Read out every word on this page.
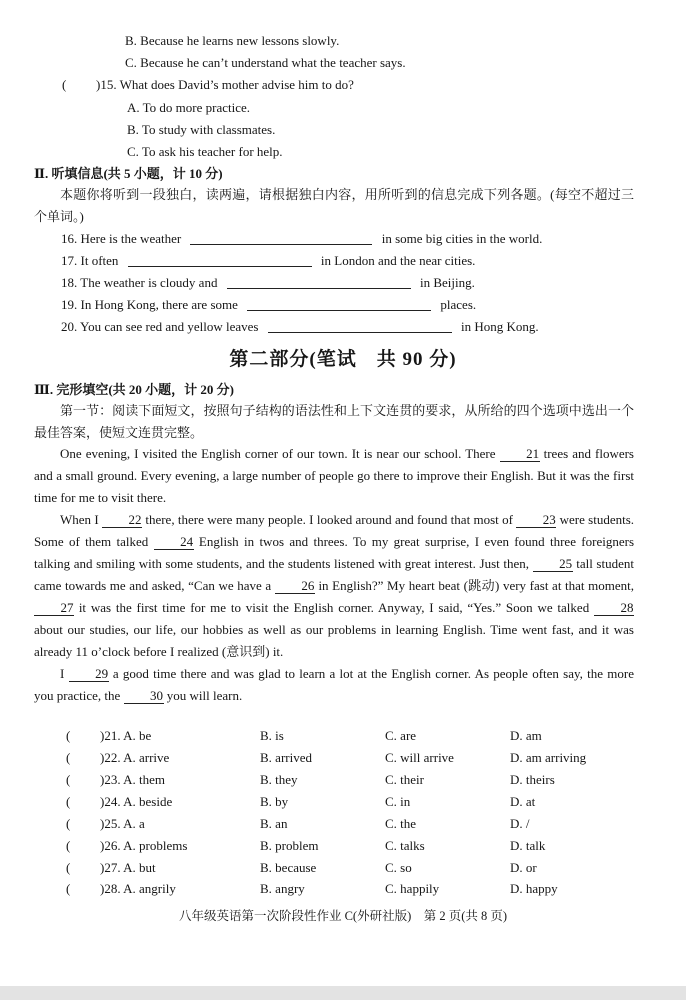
B. Because he learns new lessons slowly.
C. Because he can’t understand what the teacher says.
( )15. What does David’s mother advise him to do?
A. To do more practice.
B. To study with classmates.
C. To ask his teacher for help.
Ⅱ. 听填信息(共 5 小题，计 10 分)
本题你将听到一段独白，读两遍，请根据独白内容，用所听到的信息完成下列各题。(每空不超过三个单词。)
16. Here is the weather	in some big cities in the world.
17. It often	in London and the near cities.
18. The weather is cloudy and	in Beijing.
19. In Hong Kong, there are some	places.
20. You can see red and yellow leaves	in Hong Kong.
第二部分(笔试　共 90 分)
Ⅲ. 完形填空(共 20 小题，计 20 分)
第一节：阅读下面短文，按照句子结构的语法性和上下文连贯的要求，从所给的四个选项中选出一个最佳答案，使短文连贯完整。

One evening, I visited the English corner of our town. It is near our school. There 21 trees and flowers and a small ground. Every evening, a large number of people go there to improve their English. But it was the first time for me to visit there.

When I 22 there, there were many people. I looked around and found that most of 23 were students. Some of them talked 24 English in twos and threes. To my great surprise, I even found three foreigners talking and smiling with some students, and the students listened with great interest. Just then, 25 tall student came towards me and asked, “Can we have a 26 in English?” My heart beat (跳动) very fast at that moment, 27 it was the first time for me to visit the English corner. Anyway, I said, “Yes.” Soon we talked 28 about our studies, our life, our hobbies as well as our problems in learning English. Time went fast, and it was already 11 o’clock before I realized (意识到) it.

I 29 a good time there and was glad to learn a lot at the English corner. As people often say, the more you practice, the 30 you will learn.

( )21. A. be	B. is	C. are	D. am
( )22. A. arrive	B. arrived	C. will arrive	D. am arriving
( )23. A. them	B. they	C. their	D. theirs
( )24. A. beside	B. by	C. in	D. at
( )25. A. a	B. an	C. the	D. /
( )26. A. problems	B. problem	C. talks	D. talk
( )27. A. but	B. because	C. so	D. or
( )28. A. angrily	B. angry	C. happily	D. happy
八年级英语第一次阶段性作业 C(外研社版)　第 2 页(共 8 页)
